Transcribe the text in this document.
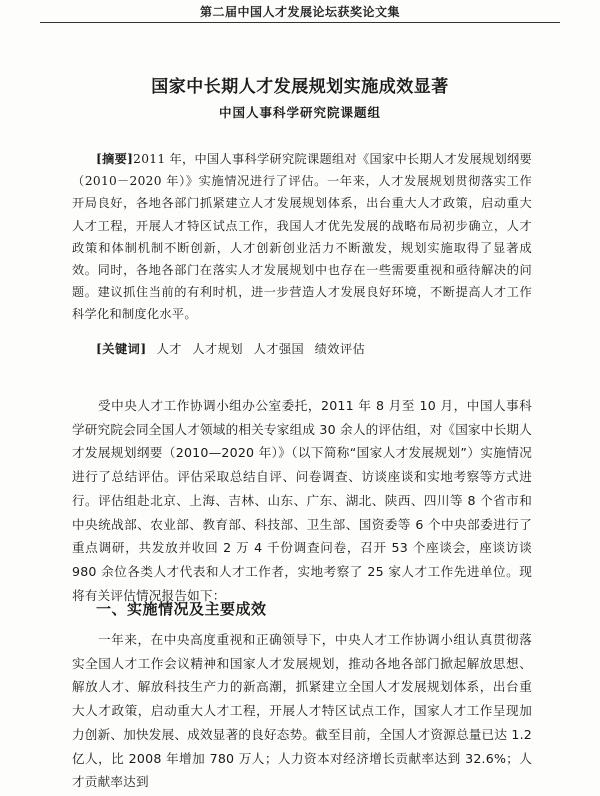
第二届中国人才发展论坛获奖论文集
国家中长期人才发展规划实施成效显著
中国人事科学研究院课题组
[摘要]2011 年，中国人事科学研究院课题组对《国家中长期人才发展规划纲要（2010－2020 年）》实施情况进行了评估。一年来，人才发展规划贯彻落实工作开局良好，各地各部门抓紧建立人才发展规划体系，出台重大人才政策，启动重大人才工程，开展人才特区试点工作，我国人才优先发展的战略布局初步确立，人才政策和体制机制不断创新，人才创新创业活力不断激发，规划实施取得了显著成效。同时，各地各部门在落实人才发展规划中也存在一些需要重视和亟待解决的问题。建议抓住当前的有利时机，进一步营造人才发展良好环境，不断提高人才工作科学化和制度化水平。
[关键词] 人才 人才规划 人才强国 绩效评估
受中央人才工作协调小组办公室委托，2011 年 8 月至 10 月，中国人事科学研究院会同全国人才领域的相关专家组成 30 余人的评估组，对《国家中长期人才发展规划纲要（2010—2020 年）》（以下简称“国家人才发展规划”）实施情况进行了总结评估。评估采取总结自评、问卷调查、访谈座谈和实地考察等方式进行。评估组赴北京、上海、吉林、山东、广东、湖北、陕西、四川等 8 个省市和中央统战部、农业部、教育部、科技部、卫生部、国资委等 6 个中央部委进行了重点调研，共发放并收回 2 万 4 千份调查问卷，召开 53 个座谈会，座谈访谈 980 余位各类人才代表和人才工作者，实地考察了 25 家人才工作先进单位。现将有关评估情况报告如下：
一、实施情况及主要成效
一年来，在中央高度重视和正确领导下，中央人才工作协调小组认真贯彻落实全国人才工作会议精神和国家人才发展规划，推动各地各部门掀起解放思想、解放人才、解放科技生产力的新高潮，抓紧建立全国人才发展规划体系，出台重大人才政策，启动重大人才工程，开展人才特区试点工作，国家人才工作呈现加力创新、加快发展、成效显著的良好态势。截至目前，全国人才资源总量已达 1.2 亿人，比 2008 年增加 780 万人；人力资本对经济增长贡献率达到 32.6%；人才贡献率达到
